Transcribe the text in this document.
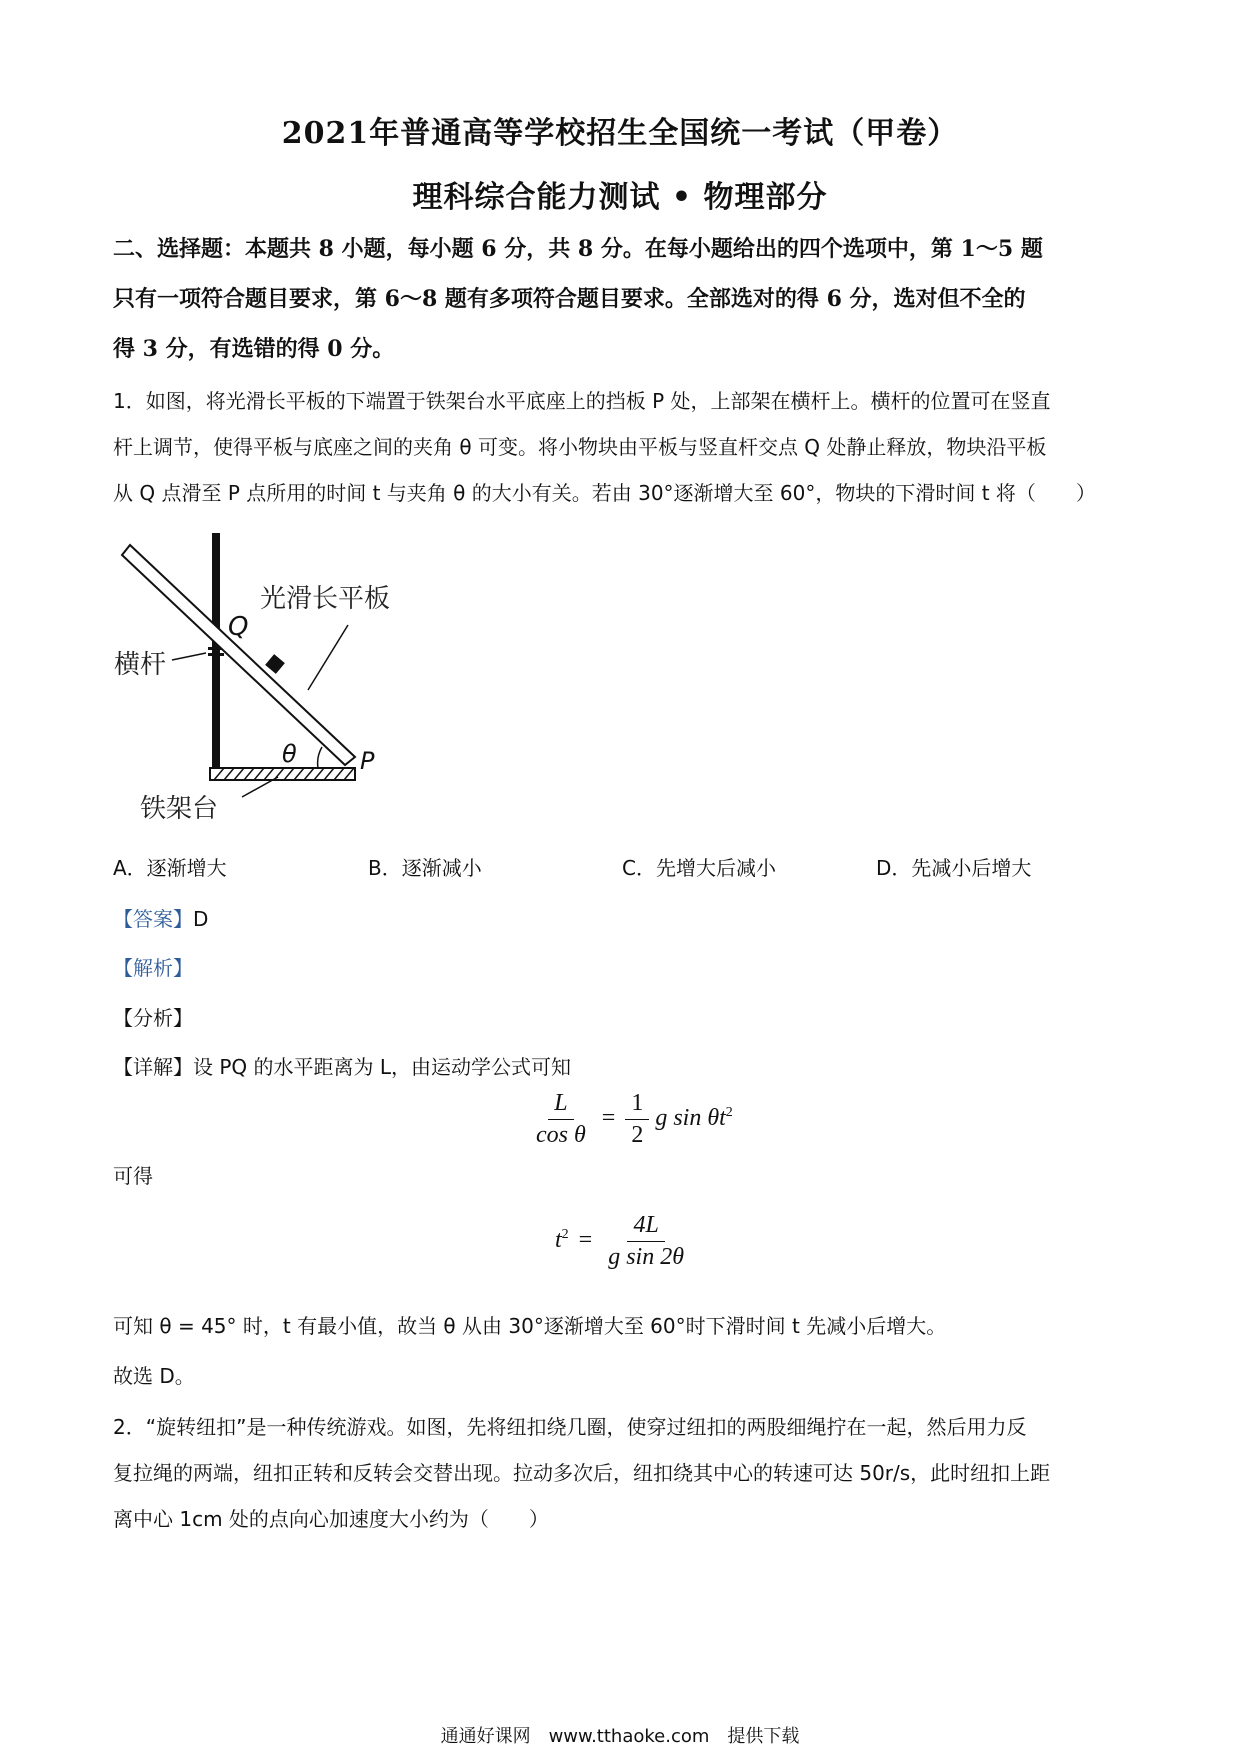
2021年普通高等学校招生全国统一考试（甲卷）
理科综合能力测试 • 物理部分
二、选择题：本题共 8 小题，每小题 6 分，共 8 分。在每小题给出的四个选项中，第 1～5 题
只有一项符合题目要求，第 6～8 题有多项符合题目要求。全部选对的得 6 分，选对但不全的
得 3 分，有选错的得 0 分。
1．如图，将光滑长平板的下端置于铁架台水平底座上的挡板 P 处，上部架在横杆上。横杆的位置可在竖直
杆上调节，使得平板与底座之间的夹角 θ 可变。将小物块由平板与竖直杆交点 Q 处静止释放，物块沿平板
从 Q 点滑至 P 点所用的时间 t 与夹角 θ 的大小有关。若由 30°逐渐增大至 60°，物块的下滑时间 t 将（　　）
光滑长平板
Q
横杆
θ	P
铁架台
A．逐渐增大	B．逐渐减小	C．先增大后减小	D．先减小后增大
【答案】D
【解析】
【分析】
【详解】设 PQ 的水平距离为 L，由运动学公式可知
$\frac{L}{\text{cos θ}} = \frac{1}{2}$ g $\sin \theta t^2$
可得
$t^2 = \frac{4L}{\text{g sin 2θ}}$
可知 θ = 45° 时，t 有最小值，故当 θ 从由 30°逐渐增大至 60°时下滑时间 t 先减小后增大。
故选 D。
2．“旋转纽扣”是一种传统游戏。如图，先将纽扣绕几圈，使穿过纽扣的两股细绳拧在一起，然后用力反
复拉绳的两端，纽扣正转和反转会交替出现。拉动多次后，纽扣绕其中心的转速可达 50r/s，此时纽扣上距
离中心 1cm 处的点向心加速度大小约为（　　）
通通好课网　www.tthaoke.com　提供下载
